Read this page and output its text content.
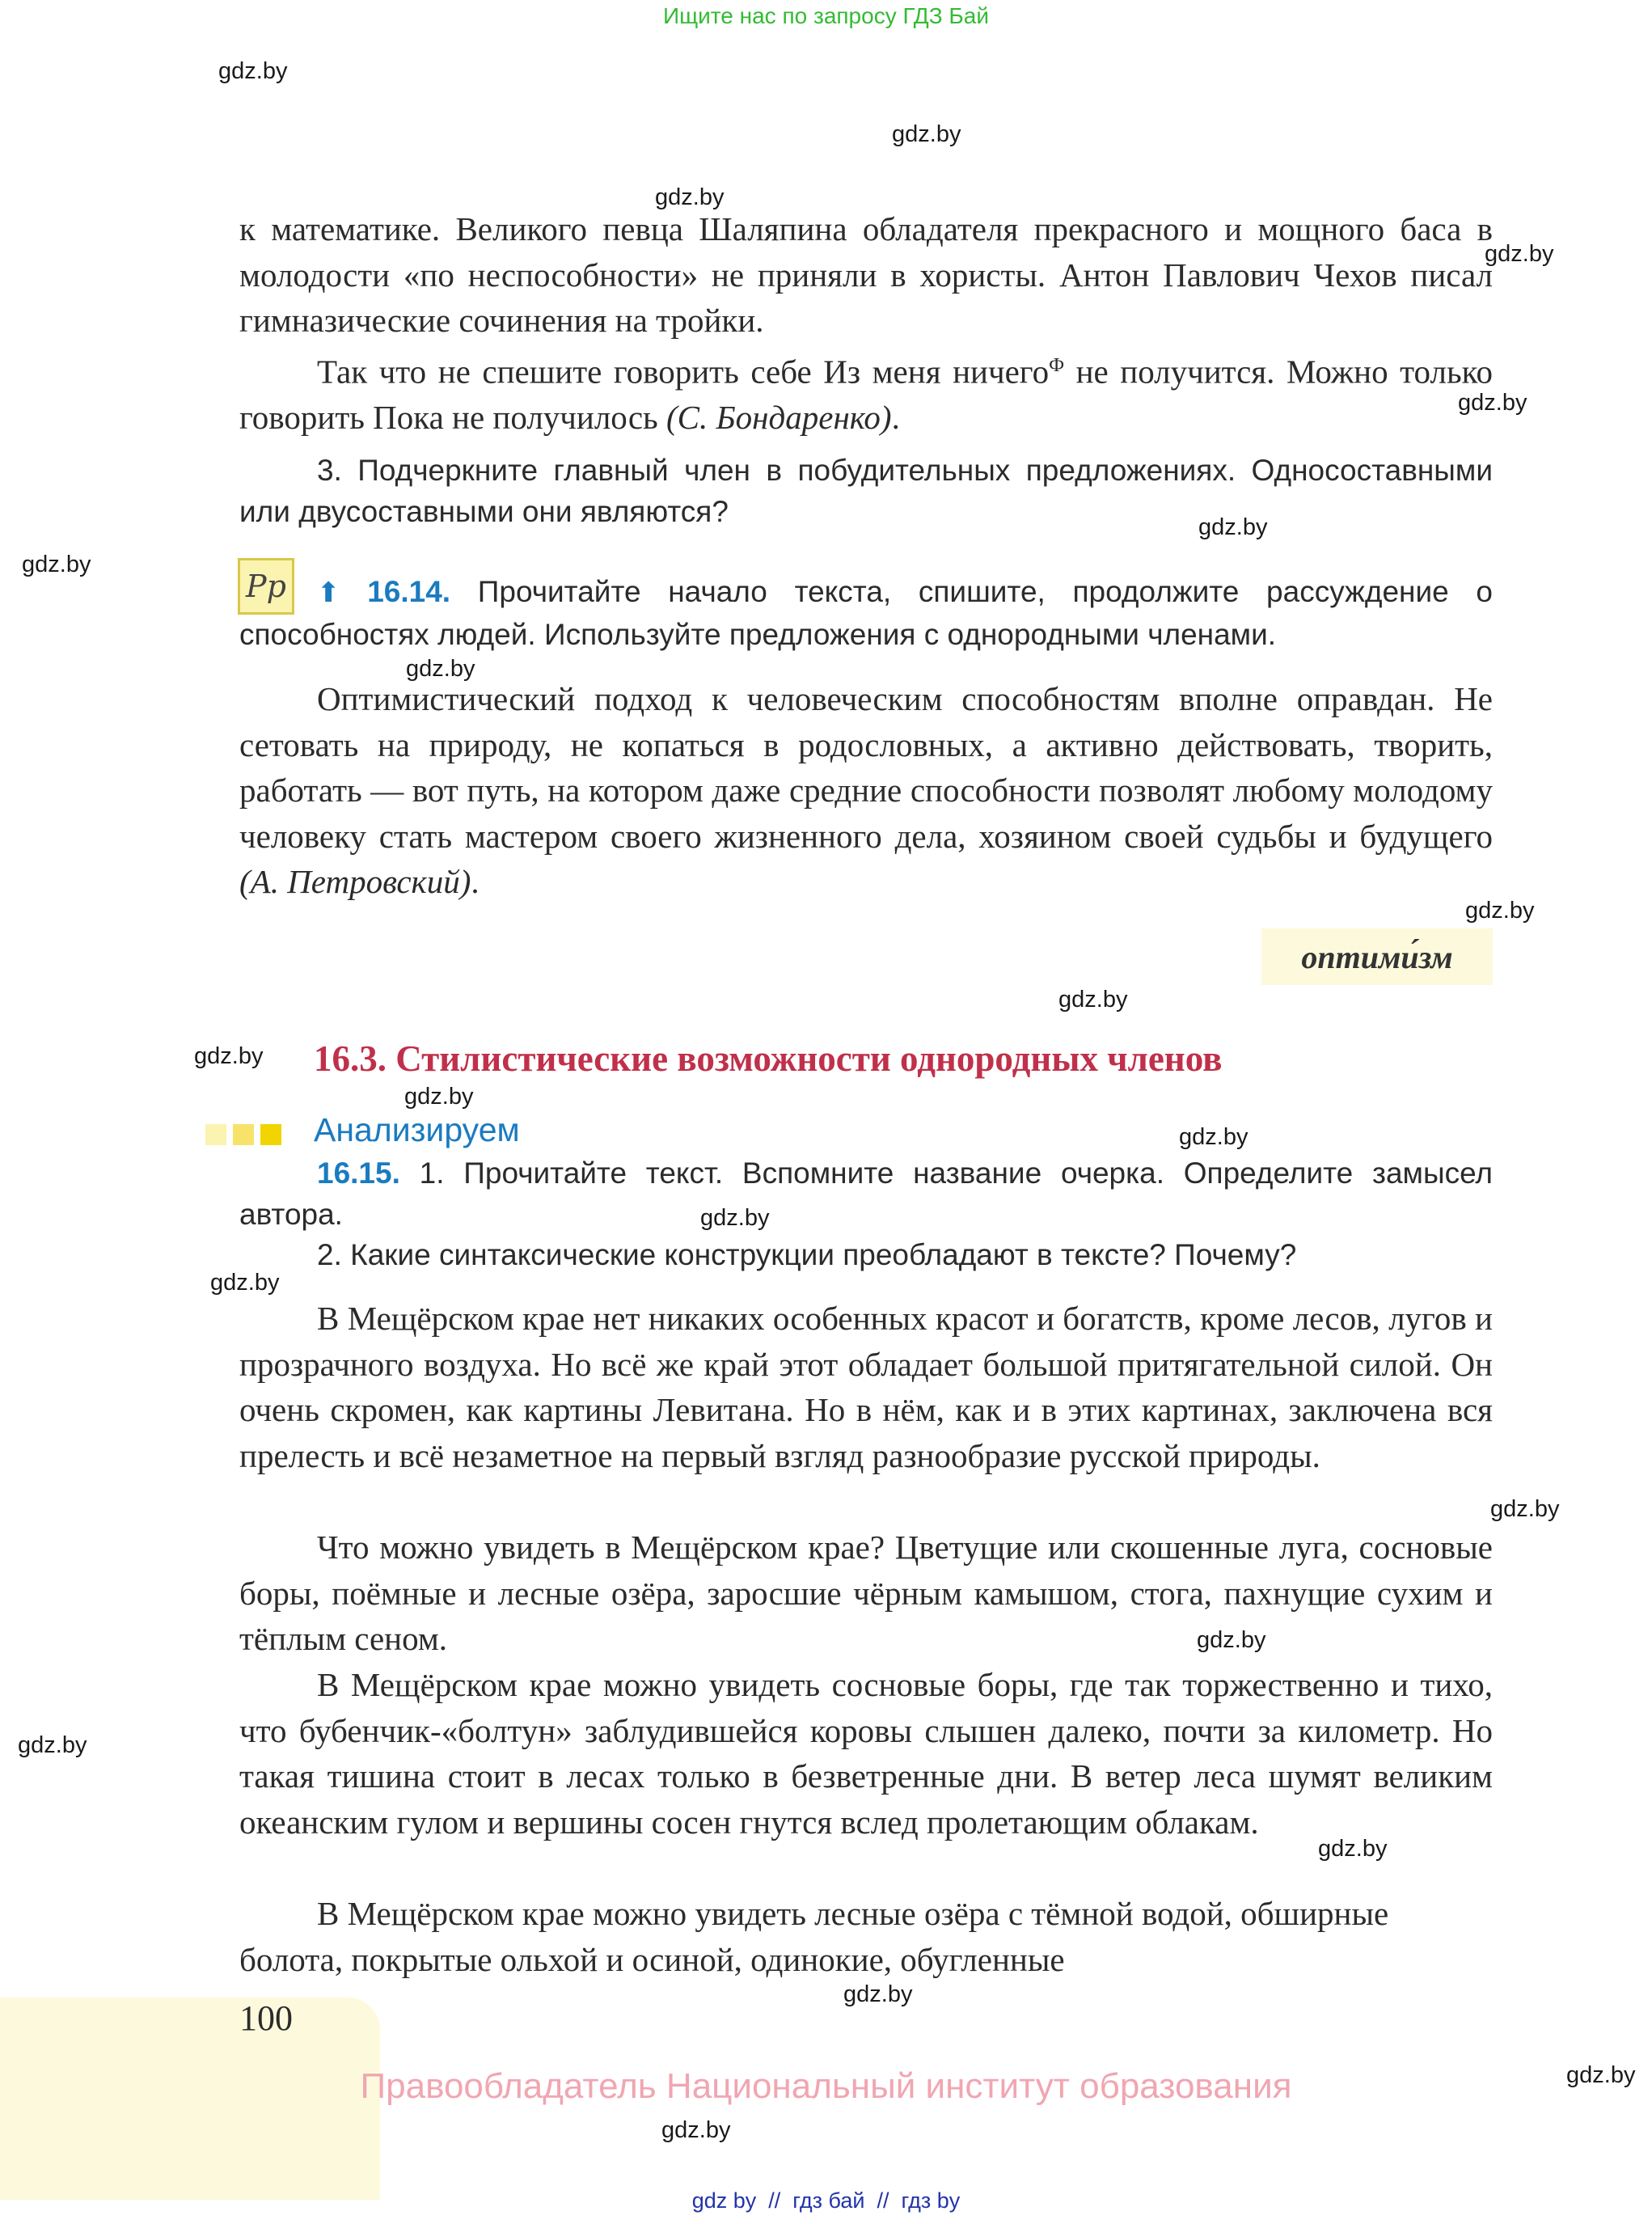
Ищите нас по запросу ГДЗ Бай
gdz.by
gdz.by
gdz.by
gdz.by
gdz.by
gdz.by
gdz.by
gdz.by
gdz.by
gdz.by
gdz.by
gdz.by
gdz.by
gdz.by
gdz.by
gdz.by
gdz.by
gdz.by
gdz.by
gdz.by
gdz.by
gdz.by

к математике. Великого певца Шаляпина обладателя прекрасного и мощного баса в молодости «по неспособности» не приняли в хористы. Антон Павлович Чехов писал гимназические сочинения на тройки.

Так что не спешите говорить себе Из меня ничего$^Ф$ не получится. Можно только говорить Пока не получилось (С. Бондаренко).

3. Подчеркните главный член в побудительных предложениях. Односоставными или двусоставными они являются?

Рр	⬆ 16.14. Прочитайте начало текста, спишите, продолжите рассуждение о способностях людей. Используйте предложения с однородными членами.

Оптимистический подход к человеческим способностям вполне оправдан. Не сетовать на природу, не копаться в родословных, а активно действовать, творить, работать — вот путь, на котором даже средние способности позволят любому молодому человеку стать мастером своего жизненного дела, хозяином своей судьбы и будущего (А. Петровский).

оптими́зм
16.3. Стилистические возможности однородных членов
Анализируем

16.15. 1. Прочитайте текст. Вспомните название очерка. Определите замысел автора.

2. Какие синтаксические конструкции преобладают в тексте? Почему?

В Мещёрском крае нет никаких особенных красот и богатств, кроме лесов, лугов и прозрачного воздуха. Но всё же край этот обладает большой притягательной силой. Он очень скромен, как картины Левитана. Но в нём, как и в этих картинах, заключена вся прелесть и всё незаметное на первый взгляд разнообразие русской природы.

Что можно увидеть в Мещёрском крае? Цветущие или скошенные луга, сосновые боры, поёмные и лесные озёра, заросшие чёрным камышом, стога, пахнущие сухим и тёплым сеном.

В Мещёрском крае можно увидеть сосновые боры, где так торжественно и тихо, что бубенчик-«болтун» заблудившейся коровы слышен далеко, почти за километр. Но такая тишина стоит в лесах только в безветренные дни. В ветер леса шумят великим океанским гулом и вершины сосен гнутся вслед пролетающим облакам.

В Мещёрском крае можно увидеть лесные озёра с тёмной водой, обширные болота, покрытые ольхой и осиной, одинокие, обугленные

100
Правообладатель Национальный институт образования
gdz by  //  гдз бай  //  гдз by
